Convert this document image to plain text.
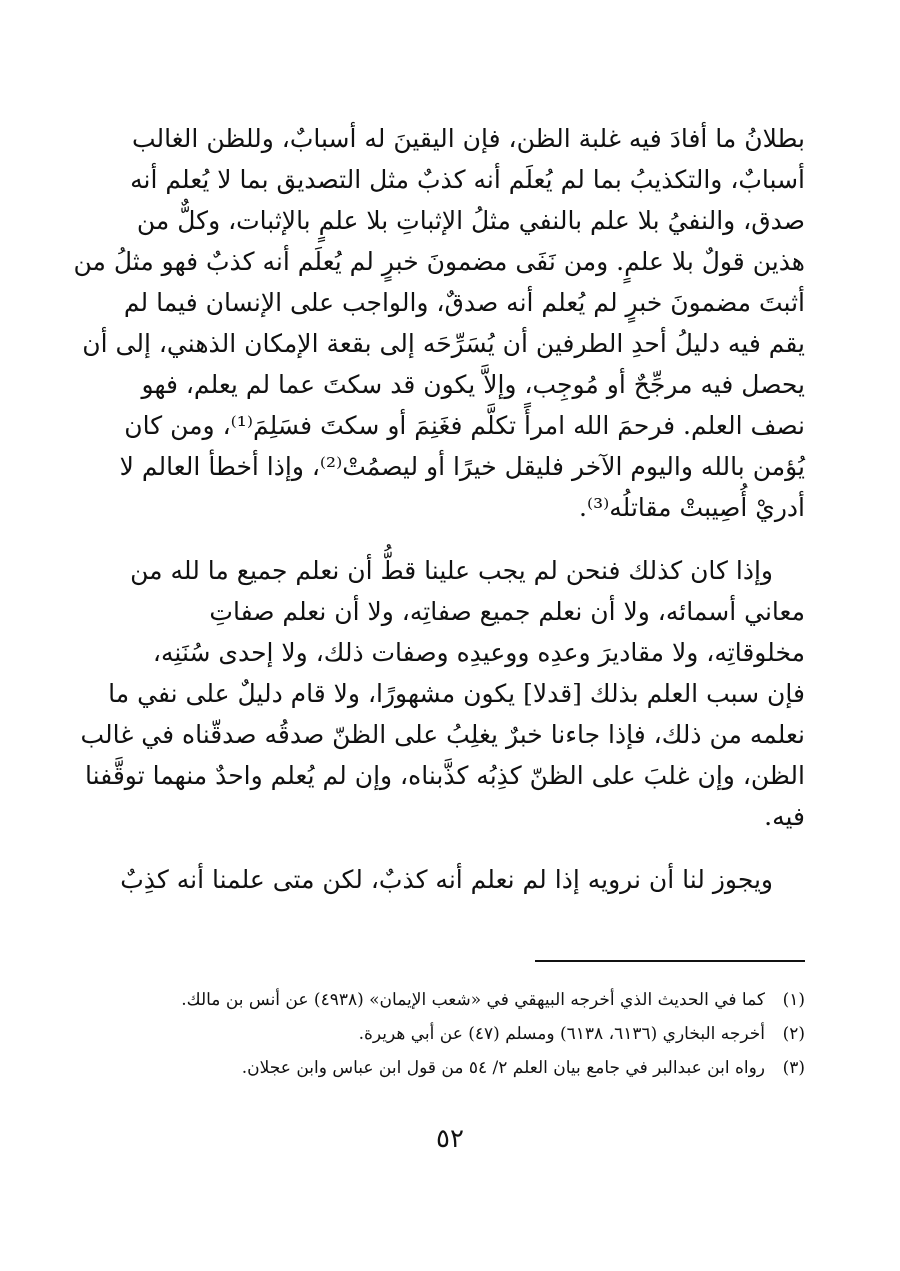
بطلانُ ما أفادَ فيه غلبة الظن، فإن اليقينَ له أسبابٌ، وللظن الغالب
أسبابٌ، والتكذيبُ بما لم يُعلَم أنه كذبٌ مثل التصديق بما لا يُعلم أنه
صدق، والنفيُ بلا علم بالنفي مثلُ الإثباتِ بلا علمٍ بالإثبات، وكلٌّ من
هذين قولٌ بلا علمٍ. ومن نَفَى مضمونَ خبرٍ لم يُعلَم أنه كذبٌ فهو مثلُ من
أثبتَ مضمونَ خبرٍ لم يُعلم أنه صدقٌ، والواجب على الإنسان فيما لم
يقم فيه دليلُ أحدِ الطرفين أن يُسَرِّحَه إلى بقعة الإمكان الذهني، إلى أن
يحصل فيه مرجِّحٌ أو مُوجِب، وإلاَّ يكون قد سكتَ عما لم يعلم، فهو
نصف العلم. فرحمَ الله امرأً تكلَّم فغَنِمَ أو سكتَ فسَلِمَ⁽¹⁾، ومن كان
يُؤمن بالله واليوم الآخر فليقل خيرًا أو ليصمُتْ⁽²⁾، وإذا أخطأ العالم لا
أدريْ أُصِيبتْ مقاتلُه⁽³⁾.

وإذا كان كذلك فنحن لم يجب علينا قطُّ أن نعلم جميع ما لله من
معاني أسمائه، ولا أن نعلم جميع صفاتِه، ولا أن نعلم صفاتِ
مخلوقاتِه، ولا مقاديرَ وعدِه ووعيدِه وصفات ذلك، ولا إحدى سُنَنِه،
فإن سبب العلم بذلك [قدلا] يكون مشهورًا، ولا قام دليلٌ على نفي ما
نعلمه من ذلك، فإذا جاءنا خبرٌ يغلِبُ على الظنّ صدقُه صدقّناه في غالب
الظن، وإن غلبَ على الظنّ كذِبُه كذَّبناه، وإن لم يُعلم واحدٌ منهما توقَّفنا
فيه.

ويجوز لنا أن نرويه إذا لم نعلم أنه كذبٌ، لكن متى علمنا أنه كذِبٌ

(١)
كما في الحديث الذي أخرجه البيهقي في «شعب الإيمان» (٤٩٣٨) عن أنس بن مالك.
(٢)
أخرجه البخاري (٦١٣٦، ٦١٣٨) ومسلم (٤٧) عن أبي هريرة.
(٣)
رواه ابن عبدالبر في جامع بيان العلم ٢/ ٥٤ من قول ابن عباس وابن عجلان.
٥٢
